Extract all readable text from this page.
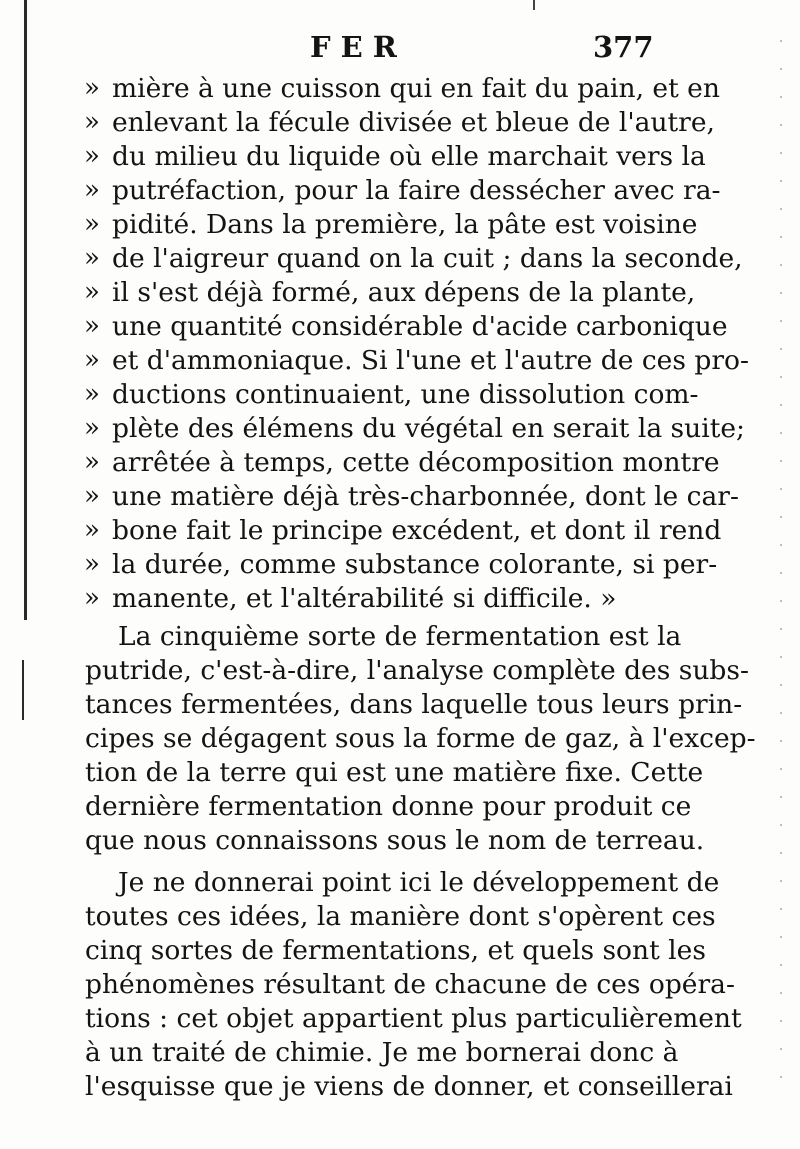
FER	377
» mière à une cuisson qui en fait du pain, et en
» enlevant la fécule divisée et bleue de l'autre,
» du milieu du liquide où elle marchait vers la
» putréfaction, pour la faire dessécher avec ra-
» pidité. Dans la première, la pâte est voisine
» de l'aigreur quand on la cuit ; dans la seconde,
» il s'est déjà formé, aux dépens de la plante,
» une quantité considérable d'acide carbonique
» et d'ammoniaque. Si l'une et l'autre de ces pro-
» ductions continuaient, une dissolution com-
» plète des élémens du végétal en serait la suite;
» arrêtée à temps, cette décomposition montre
» une matière déjà très-charbonnée, dont le car-
» bone fait le principe excédent, et dont il rend
» la durée, comme substance colorante, si per-
» manente, et l'altérabilité si difficile. »
La cinquième sorte de fermentation est la
putride, c'est-à-dire, l'analyse complète des subs-
tances fermentées, dans laquelle tous leurs prin-
cipes se dégagent sous la forme de gaz, à l'excep-
tion de la terre qui est une matière fixe. Cette
dernière fermentation donne pour produit ce
que nous connaissons sous le nom de terreau.
Je ne donnerai point ici le développement de
toutes ces idées, la manière dont s'opèrent ces
cinq sortes de fermentations, et quels sont les
phénomènes résultant de chacune de ces opéra-
tions : cet objet appartient plus particulièrement
à un traité de chimie. Je me bornerai donc à
l'esquisse que je viens de donner, et conseillerai
